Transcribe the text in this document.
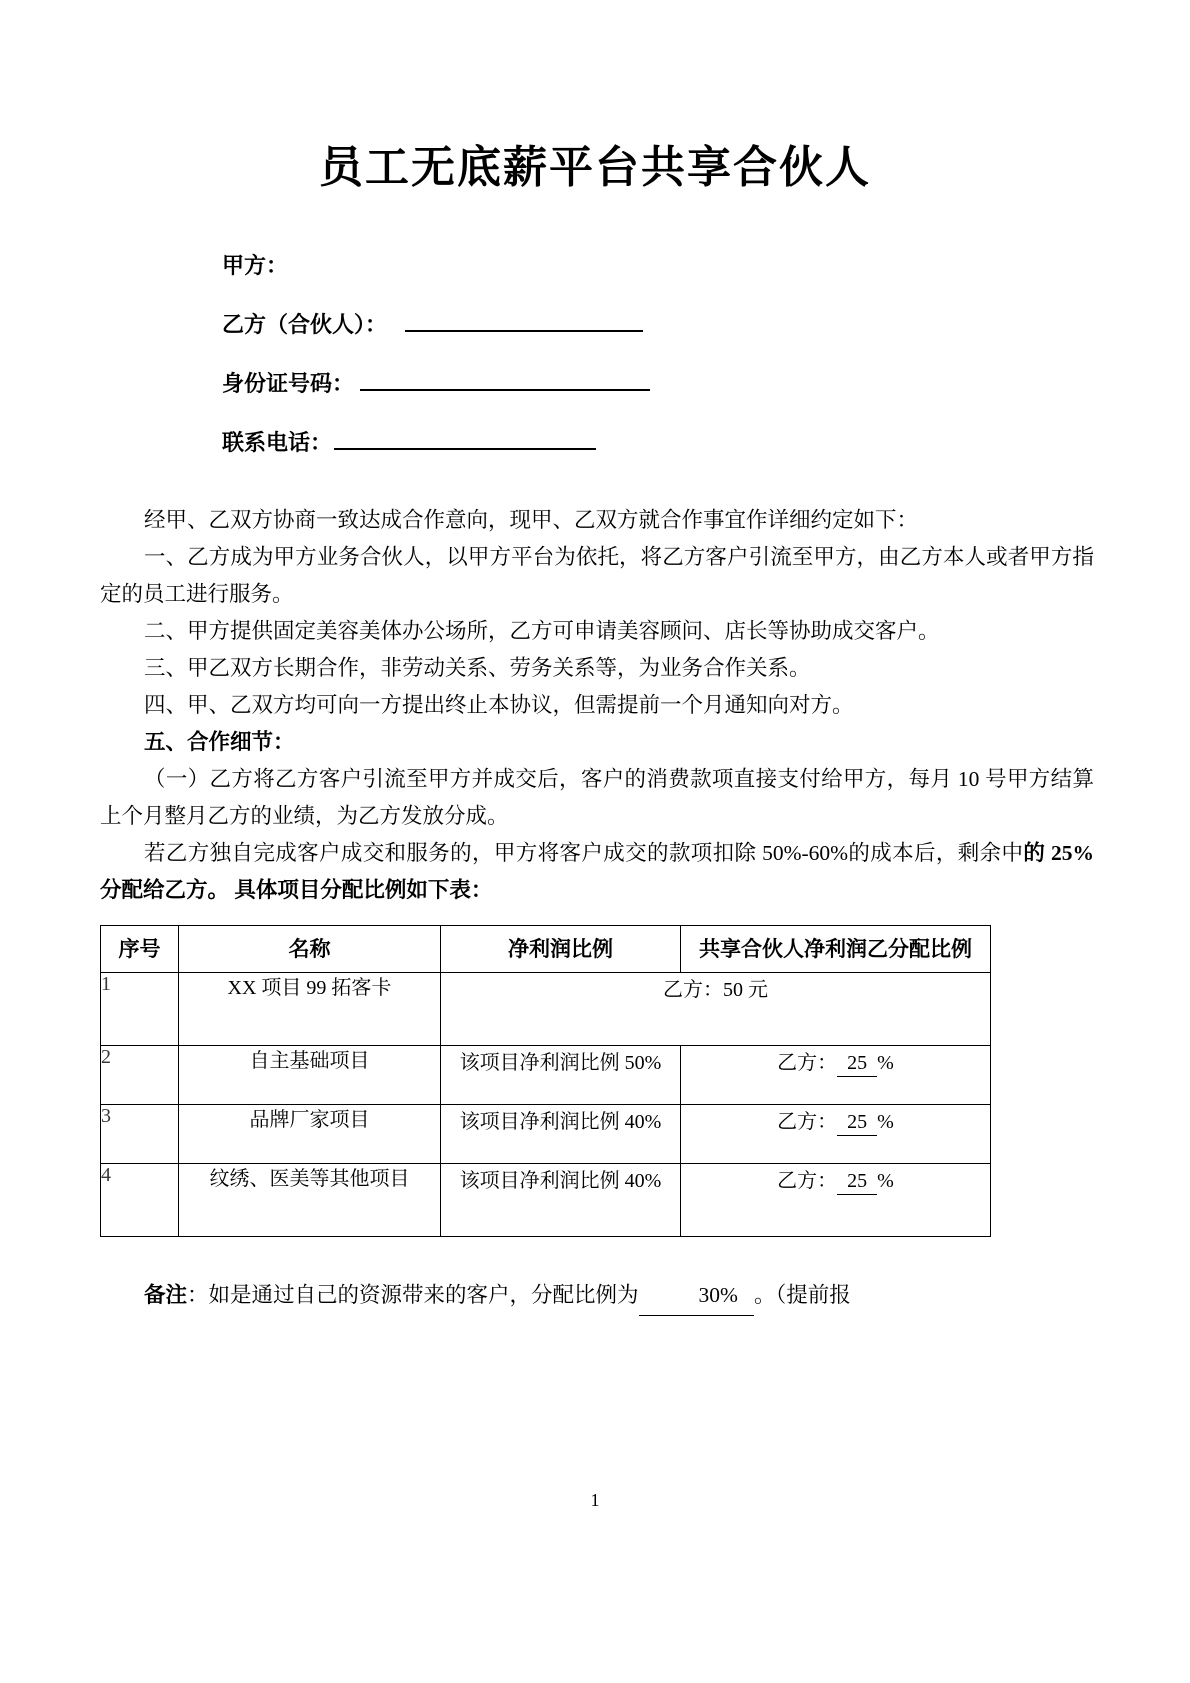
员工无底薪平台共享合伙人
甲方：
乙方（合伙人）：
身份证号码：
联系电话：

经甲、乙双方协商一致达成合作意向，现甲、乙双方就合作事宜作详细约定如下：

一、乙方成为甲方业务合伙人，以甲方平台为依托，将乙方客户引流至甲方，由乙方本人或者甲方指定的员工进行服务。

二、甲方提供固定美容美体办公场所，乙方可申请美容顾问、店长等协助成交客户。

三、甲乙双方长期合作，非劳动关系、劳务关系等，为业务合作关系。

四、甲、乙双方均可向一方提出终止本协议，但需提前一个月通知向对方。

五、合作细节：

（一）乙方将乙方客户引流至甲方并成交后，客户的消费款项直接支付给甲方，每月 10 号甲方结算上个月整月乙方的业绩，为乙方发放分成。

若乙方独自完成客户成交和服务的，甲方将客户成交的款项扣除 50%-60%的成本后，剩余中的 25%分配给乙方。 具体项目分配比例如下表：

序号	名称	净利润比例	共享合伙人净利润乙分配比例
1	XX 项目 99 拓客卡	乙方：50 元	
2	自主基础项目	该项目净利润比例 50%	乙方： 25 %
3	品牌厂家项目	该项目净利润比例 40%	乙方： 25 %
4	纹绣、医美等其他项目	该项目净利润比例 40%	乙方： 25 %

备注：如是通过自己的资源带来的客户，分配比例为	30% 。（提前报

1
